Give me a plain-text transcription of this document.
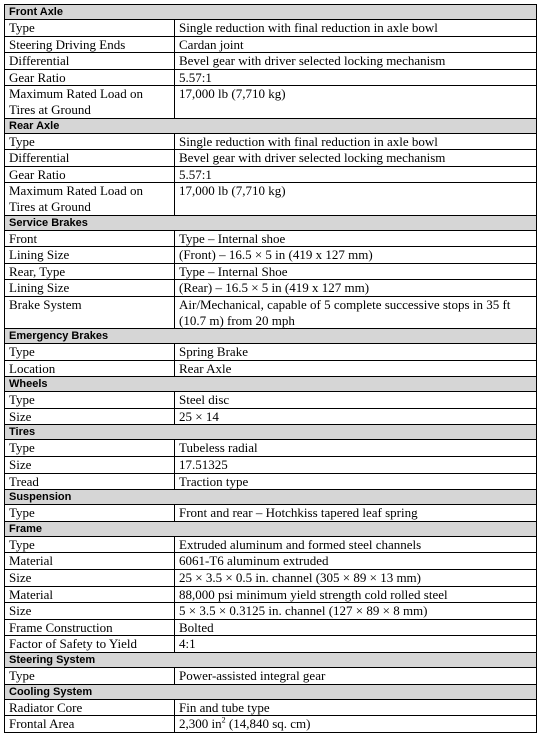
Front Axle	
Type	Single reduction with final reduction in axle bowl
Steering Driving Ends	Cardan joint
Differential	Bevel gear with driver selected locking mechanism
Gear Ratio	5.57:1
Maximum Rated Load on Tires at Ground	17,000 lb (7,710 kg)
Rear Axle	
Type	Single reduction with final reduction in axle bowl
Differential	Bevel gear with driver selected locking mechanism
Gear Ratio	5.57:1
Maximum Rated Load on Tires at Ground	17,000 lb (7,710 kg)
Service Brakes	
Front	Type – Internal shoe
Lining Size	(Front) – 16.5 × 5 in (419 x 127 mm)
Rear, Type	Type – Internal Shoe
Lining Size	(Rear) – 16.5 × 5 in (419 x 127 mm)
Brake System	Air/Mechanical, capable of 5 complete successive stops in 35 ft (10.7 m) from 20 mph
Emergency Brakes	
Type	Spring Brake
Location	Rear Axle
Wheels	
Type	Steel disc
Size	25 × 14
Tires	
Type	Tubeless radial
Size	17.51325
Tread	Traction type
Suspension	
Type	Front and rear – Hotchkiss tapered leaf spring
Frame	
Type	Extruded aluminum and formed steel channels
Material	6061-T6 aluminum extruded
Size	25 × 3.5 × 0.5 in. channel (305 × 89 × 13 mm)
Material	88,000 psi minimum yield strength cold rolled steel
Size	5 × 3.5 × 0.3125 in. channel (127 × 89 × 8 mm)
Frame Construction	Bolted
Factor of Safety to Yield	4:1
Steering System	
Type	Power-assisted integral gear
Cooling System	
Radiator Core	Fin and tube type
Frontal Area	2,300 $in^2$ (14,840 sq. cm)
